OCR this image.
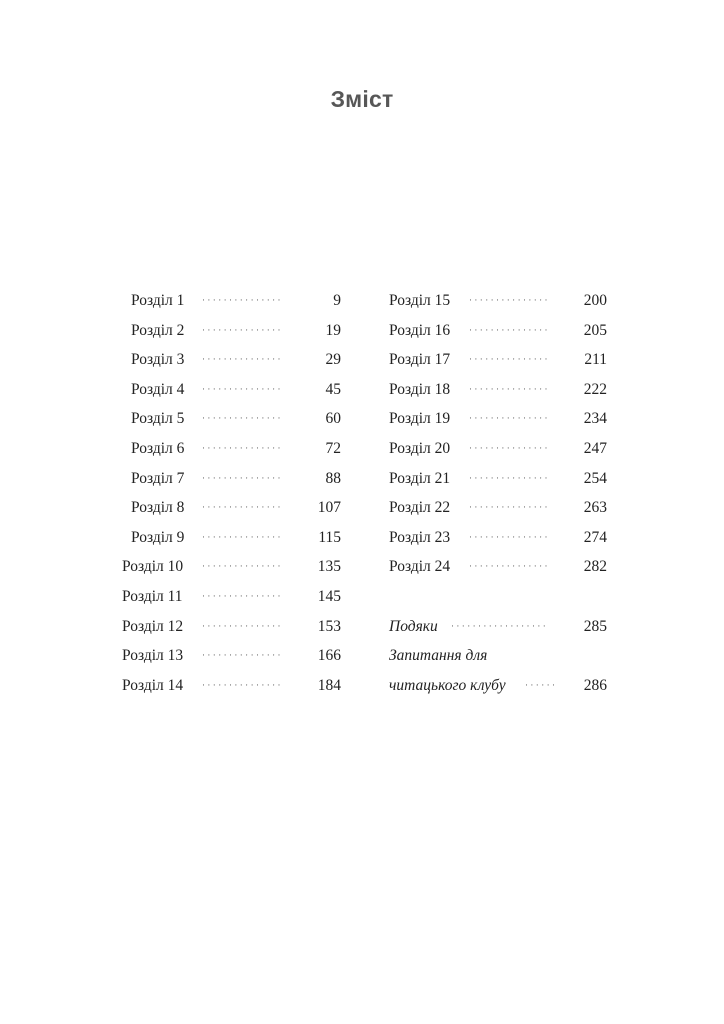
Зміст
Розділ 1 ···············	9
Розділ 2 ···············	19
Розділ 3 ···············	29
Розділ 4 ···············	45
Розділ 5 ···············	60
Розділ 6 ···············	72
Розділ 7 ···············	88
Розділ 8 ···············	107
Розділ 9 ···············	115
Розділ 10 ···············	135
Розділ 11 ···············	145
Розділ 12 ···············	153
Розділ 13 ···············	166
Розділ 14 ···············	184
Розділ 15 ···············	200
Розділ 16 ···············	205
Розділ 17 ···············	211
Розділ 18 ···············	222
Розділ 19 ···············	234
Розділ 20 ···············	247
Розділ 21 ···············	254
Розділ 22 ···············	263
Розділ 23 ···············	274
Розділ 24 ···············	282
Подяки ··················	285
Запитання для
читацького клубу ······ 286
